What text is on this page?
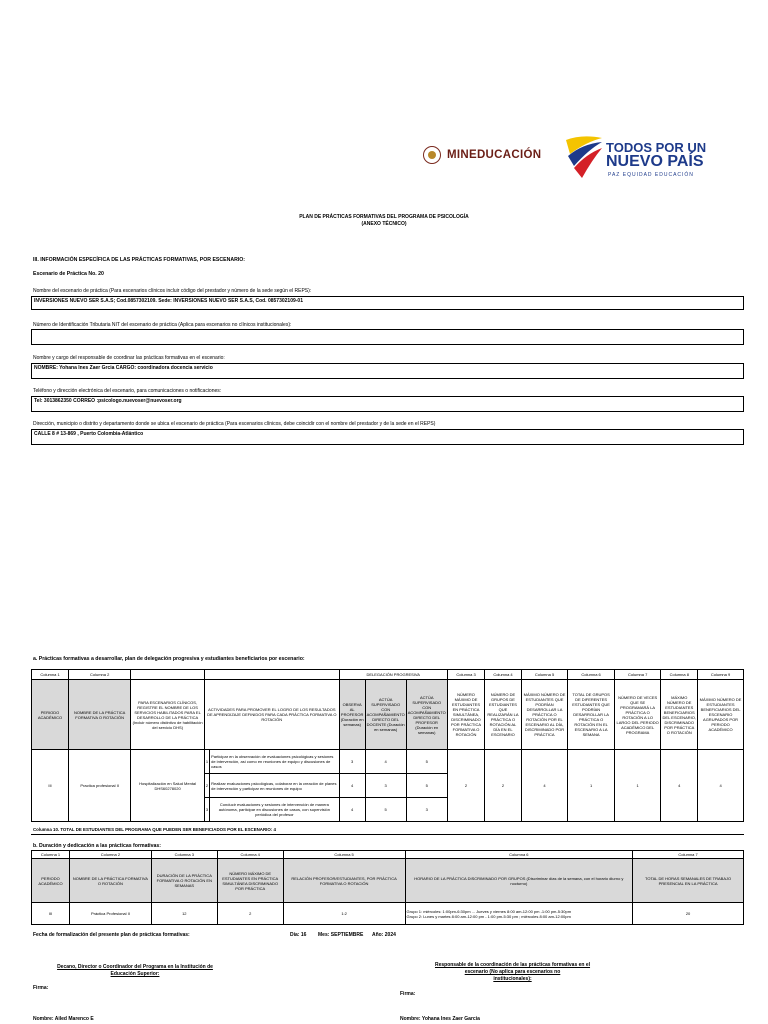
MINEDUCACIÓN	TODOS POR UN
NUEVO PAÍS
PAZ EQUIDAD EDUCACIÓN
PLAN DE PRÁCTICAS FORMATIVAS DEL PROGRAMA DE PSICOLOGÍA
(ANEXO TÉCNICO)
III. INFORMACIÓN ESPECÍFICA DE LAS PRÁCTICAS FORMATIVAS, POR ESCENARIO:
Escenario de Práctica No. 20
Nombre del escenario de práctica (Para escenarios clínicos incluir código del prestador y número de la sede según el REPS):
INVERSIONES NUEVO SER S.A.S; Cod.0857302109. Sede: INVERSIONES NUEVO SER S.A.S, Cod. 0857302109-01
Número de Identificación Tributaria NIT del escenario de práctica (Aplica para escenarios no clínicos institucionales):
Nombre y cargo del responsable de coordinar las prácticas formativas en el escenario:
NOMBRE: Yohana Ines Zaer Grcia CARGO: coordinadora docencia servicio
Teléfono y dirección electrónica del escenario, para comunicaciones o notificaciones:
Tel: 3013862350 CORREO :psicologo.nuevoser@nuevoser.org
Dirección, municipio o distrito y departamento donde se ubica el escenario de práctica (Para escenarios clínicos, debe coincidir con el nombre del prestador y de la sede en el REPS)
CALLE 8 # 13-869 , Puerto Colombia-Atlántico
a. Prácticas formativas a desarrollar, plan de delegación progresiva y estudiantes beneficiarios por escenario:
Columna 1	Columna 2				DELEGACIÓN PROGRESIVA			Columna 3	Columna 4	Columna 5	Columna 6	Columna 7	Columna 8	Columna 9
PERIODO ACADÉMICO	NOMBRE DE LA PRÁCTICA FORMATIVA O ROTACIÓN	PARA ESCENARIOS CLÍNICOS, REGISTRE EL NOMBRE DE LOS SERVICIOS HABILITADOS PARA EL DESARROLLO DE LA PRÁCTICA (Incluir número distintivo de habilitación del servicio DHS)	ACTIVIDADES PARA PROMOVER EL LOGRO DE LOS RESULTADOS DE APRENDIZAJE DEFINIDOS PARA CADA PRÁCTICA FORMATIVA O ROTACIÓN		OBSERVA AL PROFESOR (Duración en semanas)	ACTÚA SUPERVISADO CON ACOMPAÑAMIENTO DIRECTO DEL DOCENTE (Duración en semanas)	ACTÚA SUPERVISADO CON ACOMPAÑAMIENTO DIRECTO DEL PROFESOR (Duración en semanas)	NÚMERO MÁXIMO DE ESTUDIANTES EN PRÁCTICA SIMULTÁNEA, DISCRIMINADO POR PRÁCTICA FORMATIVA O ROTACIÓN	NÚMERO DE GRUPOS DE ESTUDIANTES QUE REALIZARÁN LA PRÁCTICA O ROTACIÓN AL DÍA EN EL ESCENARIO	MÁXIMO NÚMERO DE ESTUDIANTES QUE PODRÍAN DESARROLLAR LA PRÁCTICA O ROTACIÓN POR EL ESCENARIO AL DÍA, DISCRIMINADO POR PRÁCTICA	TOTAL DE GRUPOS DE DIFERENTES ESTUDIANTES QUE PODRÍAN DESARROLLAR LA PRÁCTICA O ROTACIÓN EN EL ESCENARIO A LA SEMANA	NÚMERO DE VECES QUE SE PROGRAMARÁ LA PRÁCTICA O ROTACIÓN A LO LARGO DEL PERIODO ACADÉMICO DEL PROGRAMA	MÁXIMO NÚMERO DE ESTUDIANTES BENEFICIARIOS DEL ESCENARIO, DISCRIMINADO POR PRÁCTICA O ROTACIÓN	MÁXIMO NÚMERO DE ESTUDIANTES BENEFICIARIOS DEL ESCENARIO AGRUPADOS POR PERIODO ACADÉMICO
III	Practica profesional II	Hospitalización en Salud Mental DHS60278020	1	Participar en la observación de evaluaciones psicológicas y sesiones de intervención, así como en reuniones de equipo y discusiones de casos	3	4	5	2	2	4	1	1	4	4
			2	Realizar evaluaciones psicológicas, colaborar en la creación de planes de intervención y participar en reuniones de equipo	4	3	5							
			3	Conducir evaluaciones y sesiones de intervención de manera autónoma, participar en discusiones de casos, con supervisión periódica del profesor	4	5	3							
Columna 10. TOTAL DE ESTUDIANTES DEL PROGRAMA QUE PUEDEN SER BENEFICIADOS POR EL ESCENARIO: 4
b. Duración y dedicación a las prácticas formativas:
Columna 1	Columna 2	Columna 3	Columna 4	Columna 5	Columna 6	Columna 7
PERIODO ACADÉMICO	NOMBRE DE LA PRÁCTICA FORMATIVA O ROTACIÓN	DURACIÓN DE LA PRÁCTICA FORMATIVA O ROTACIÓN EN SEMANAS	NÚMERO MÁXIMO DE ESTUDIANTES EN PRÁCTICA SIMULTÁNEA DISCRIMINADO POR PRÁCTICA	RELACIÓN PROFESOR/ESTUDIANTES, POR PRÁCTICA FORMATIVA O ROTACIÓN	HORARIO DE LA PRÁCTICA DISCRIMINADO POR GRUPOS (Discriminar días de la semana, con el horario diurno y nocturno)	TOTAL DE HORAS SEMANALES DE TRABAJO PRESENCIAL EN LA PRÁCTICA
III	Práctica Profesional II	12	2	1:2	Grupo 1: miércoles: 1:00pm-6:30pm ... Jueves y viernes 8:00 am-12:00 pm -1:00 pm-5:30pm
Grupo 2: Lunes y martes 8:00 am-12:00 pm - 1:00 pm-5:30 pm ; miércoles 8:00 am-12:00pm	20
Fecha de formalización del presente plan de prácticas formativas:	Día: 16 Mes: SEPTIEMBRE Año: 2024
Decano, Director o Coordinador del Programa en la Institución de
Educación Superior:
Firma:
Nombre: Ailed Marenco E
Responsable de la coordinación de las prácticas formativas en el
escenario (No aplica para escenarios no
institucionales):
Firma:
Nombre: Yohana Ines Zaer Garcia
